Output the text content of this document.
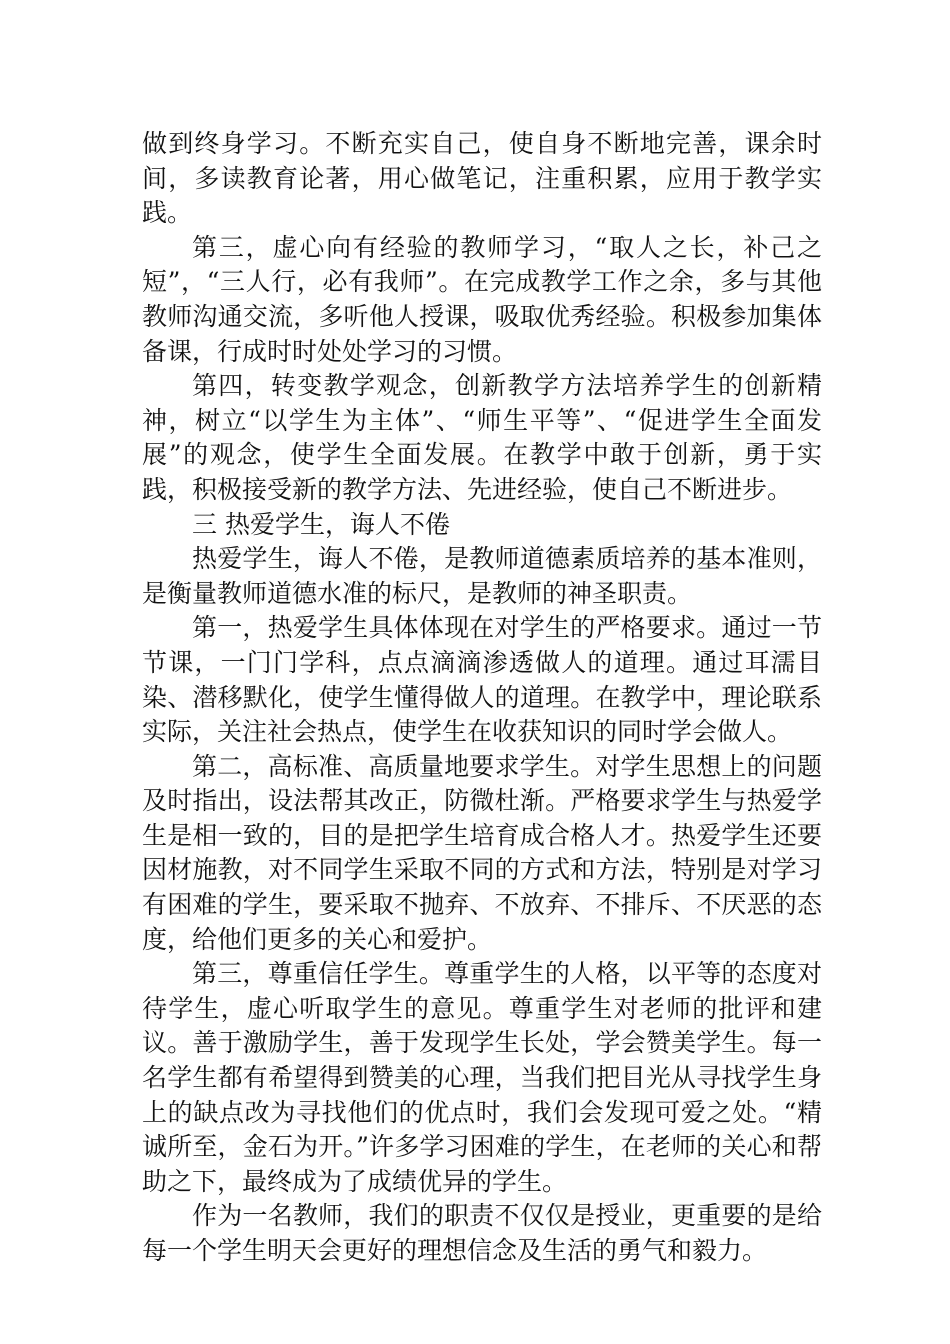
做到终身学习。不断充实自己，使自身不断地完善，课余时间，多读教育论著，用心做笔记，注重积累，应用于教学实践。

第三，虚心向有经验的教师学习，“取人之长，补己之短”，“三人行，必有我师”。在完成教学工作之余，多与其他教师沟通交流，多听他人授课，吸取优秀经验。积极参加集体备课，行成时时处处学习的习惯。

第四，转变教学观念，创新教学方法培养学生的创新精神，树立“以学生为主体”、“师生平等”、“促进学生全面发展”的观念，使学生全面发展。在教学中敢于创新，勇于实践，积极接受新的教学方法、先进经验，使自己不断进步。

三 热爱学生，诲人不倦

热爱学生，诲人不倦，是教师道德素质培养的基本准则，是衡量教师道德水准的标尺，是教师的神圣职责。

第一，热爱学生具体体现在对学生的严格要求。通过一节节课，一门门学科，点点滴滴渗透做人的道理。通过耳濡目染、潜移默化，使学生懂得做人的道理。在教学中，理论联系实际，关注社会热点，使学生在收获知识的同时学会做人。

第二，高标准、高质量地要求学生。对学生思想上的问题及时指出，设法帮其改正，防微杜渐。严格要求学生与热爱学生是相一致的，目的是把学生培育成合格人才。热爱学生还要因材施教，对不同学生采取不同的方式和方法，特别是对学习有困难的学生，要采取不抛弃、不放弃、不排斥、不厌恶的态度，给他们更多的关心和爱护。

第三，尊重信任学生。尊重学生的人格，以平等的态度对待学生，虚心听取学生的意见。尊重学生对老师的批评和建议。善于激励学生，善于发现学生长处，学会赞美学生。每一名学生都有希望得到赞美的心理，当我们把目光从寻找学生身上的缺点改为寻找他们的优点时，我们会发现可爱之处。“精诚所至，金石为开。”许多学习困难的学生，在老师的关心和帮助之下，最终成为了成绩优异的学生。

作为一名教师，我们的职责不仅仅是授业，更重要的是给每一个学生明天会更好的理想信念及生活的勇气和毅力。
